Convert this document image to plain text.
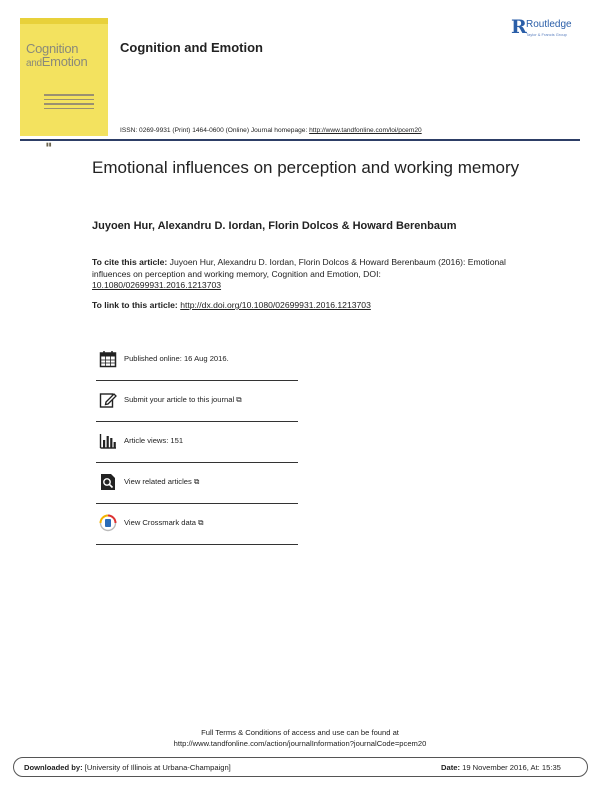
Cognition
andEmotion
▮▮
Cognition and Emotion
R Routledge
Taylor & Francis Group
ISSN: 0269-9931 (Print) 1464-0600 (Online) Journal homepage: http://www.tandfonline.com/loi/pcem20
Emotional influences on perception and working memory
Juyoen Hur, Alexandru D. Iordan, Florin Dolcos & Howard Berenbaum
To cite this article: Juyoen Hur, Alexandru D. Iordan, Florin Dolcos & Howard Berenbaum (2016): Emotional influences on perception and working memory, Cognition and Emotion, DOI:
10.1080/02699931.2016.1213703
To link to this article: http://dx.doi.org/10.1080/02699931.2016.1213703
Published online: 16 Aug 2016.
Submit your article to this journal ⧉
Article views: 151
View related articles ⧉
View Crossmark data ⧉
Full Terms & Conditions of access and use can be found at
http://www.tandfonline.com/action/journalInformation?journalCode=pcem20
Downloaded by: [University of Illinois at Urbana-Champaign]	Date: 19 November 2016, At: 15:35
